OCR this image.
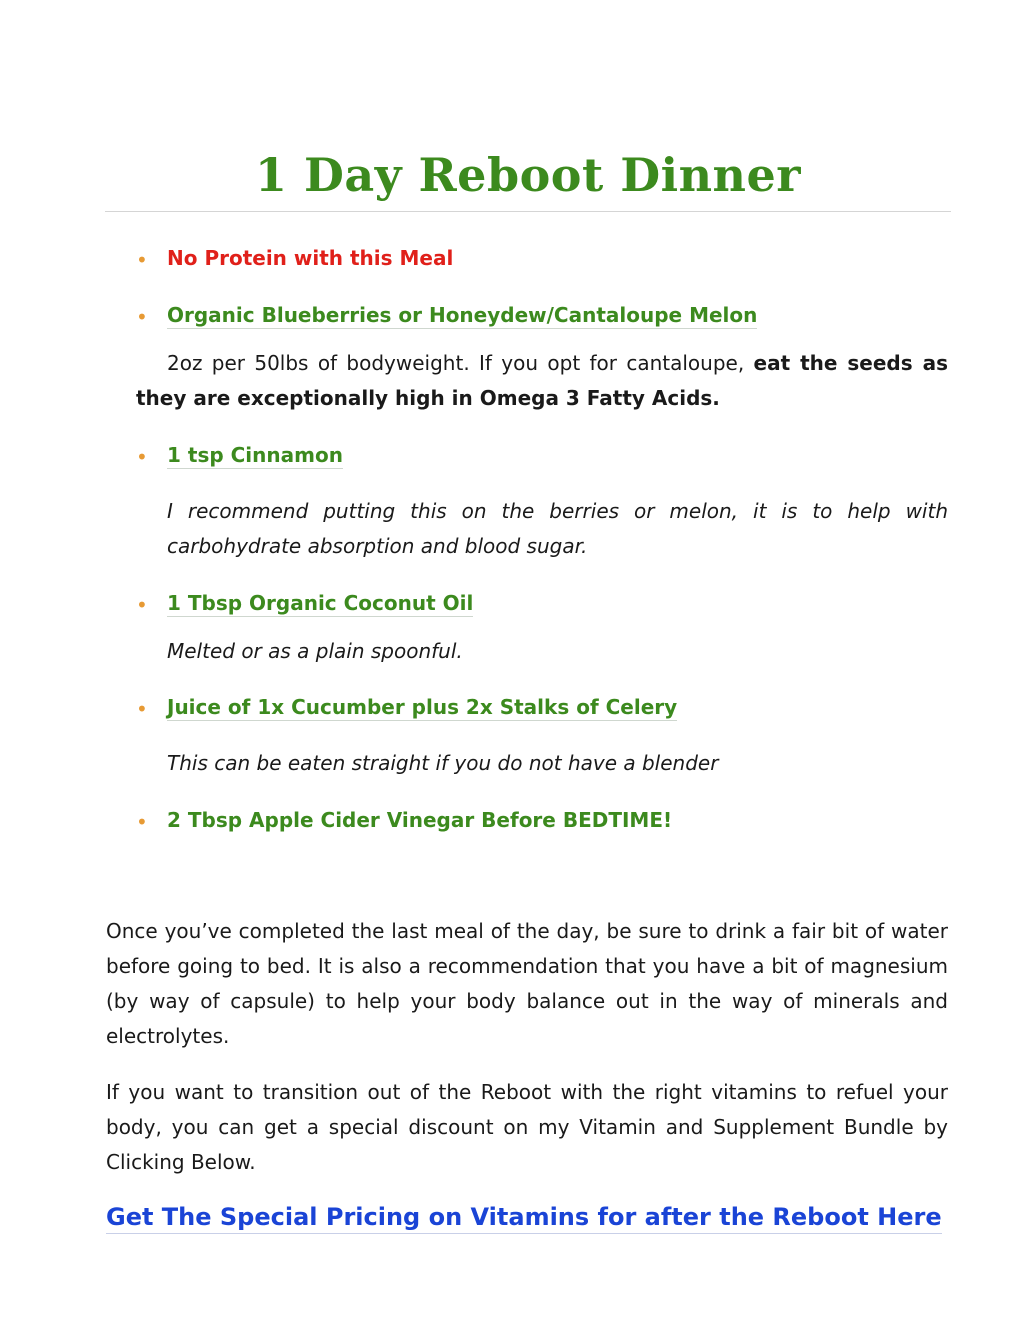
1 Day Reboot Dinner
• No Protein with this Meal
• Organic Blueberries or Honeydew/Cantaloupe Melon
2oz per 50lbs of bodyweight. If you opt for cantaloupe, eat the seeds as they are exceptionally high in Omega 3 Fatty Acids.
• 1 tsp Cinnamon
I recommend putting this on the berries or melon, it is to help with carbohydrate absorption and blood sugar.
• 1 Tbsp Organic Coconut Oil
Melted or as a plain spoonful.
• Juice of 1x Cucumber plus 2x Stalks of Celery
This can be eaten straight if you do not have a blender
• 2 Tbsp Apple Cider Vinegar Before BEDTIME!

Once you’ve completed the last meal of the day, be sure to drink a fair bit of water before going to bed. It is also a recommendation that you have a bit of magnesium (by way of capsule) to help your body balance out in the way of minerals and electrolytes.

If you want to transition out of the Reboot with the right vitamins to refuel your body, you can get a special discount on my Vitamin and Supplement Bundle by Clicking Below.

Get The Special Pricing on Vitamins for after the Reboot Here
